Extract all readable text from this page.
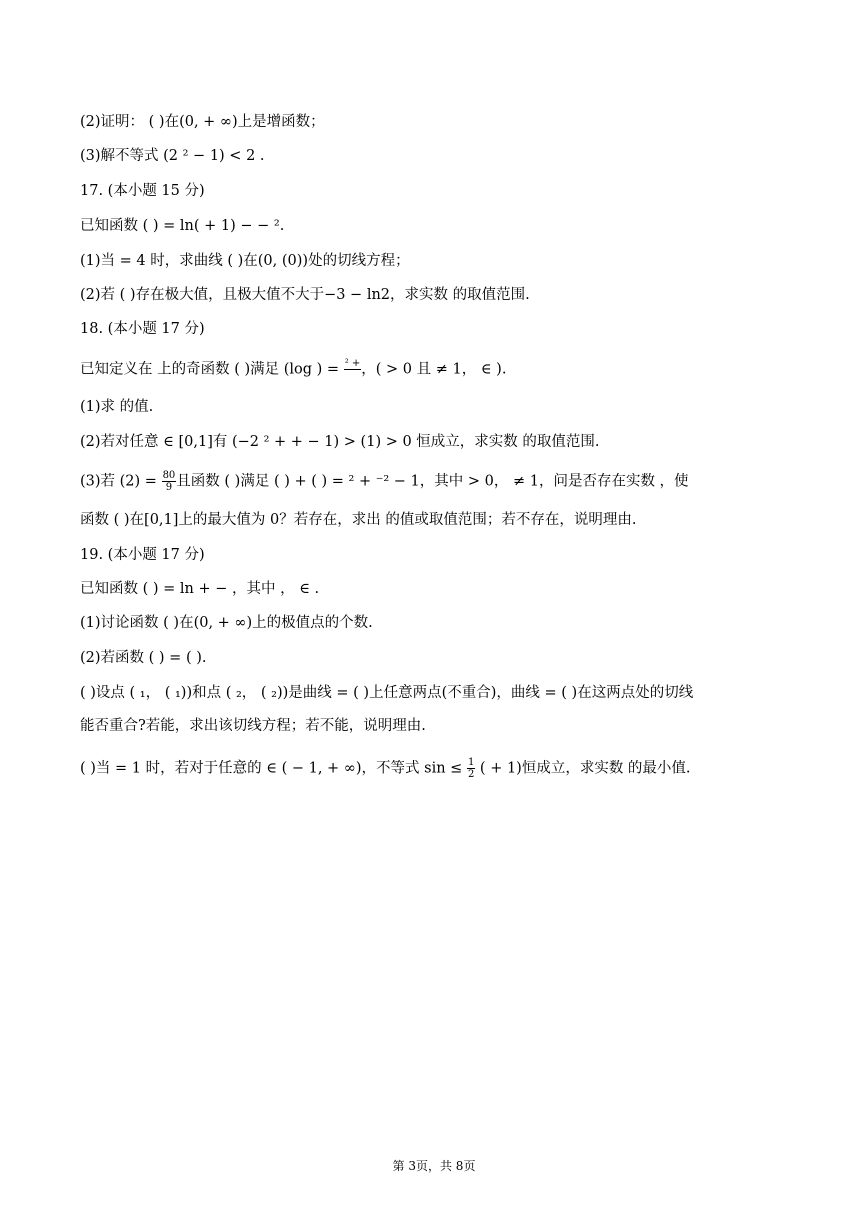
(2)证明： ( )在(0, + ∞)上是增函数；
(3)解不等式 (2 ² − 1) < 2 .
17. (本小题 15 分)
已知函数 ( ) = ln( + 1) − − ².
(1)当 = 4 时，求曲线 ( )在(0, (0))处的切线方程；
(2)若 ( )存在极大值，且极大值不大于−3 − ln2，求实数 的取值范围.
18. (本小题 17 分)
已知定义在 上的奇函数 ( )满足 (log ) = ² +
，( > 0 且 ≠ 1， ∈ ).
(1)求 的值.
(2)若对任意 ∈ [0,1]有 (−2 ² + + − 1) > (1) > 0 恒成立，求实数 的取值范围.
(3)若 $(2) = \frac{80}{9}$ 且函数 ( )满足 ( ) + ( ) = ² + ⁻² − 1，其中 > 0， ≠ 1，问是否存在实数 ，使
函数 ( )在[0,1]上的最大值为 0？若存在，求出 的值或取值范围；若不存在，说明理由.
19. (本小题 17 分)
已知函数 ( ) = ln + − ，其中 ， ∈ .
(1)讨论函数 ( )在(0, + ∞)上的极值点的个数.
(2)若函数 ( ) = ( ).
( )设点 ( ₁， ( ₁))和点 ( ₂， ( ₂))是曲线 = ( )上任意两点(不重合)，曲线 = ( )在这两点处的切线
能否重合?若能，求出该切线方程；若不能，说明理由.
( )当 = 1 时，若对于任意的 ∈ ( − 1, + ∞)，不等式 $\sin \le \frac{1}{2}$ ( + 1)恒成立，求实数 的最小值.
第 3页，共 8页
